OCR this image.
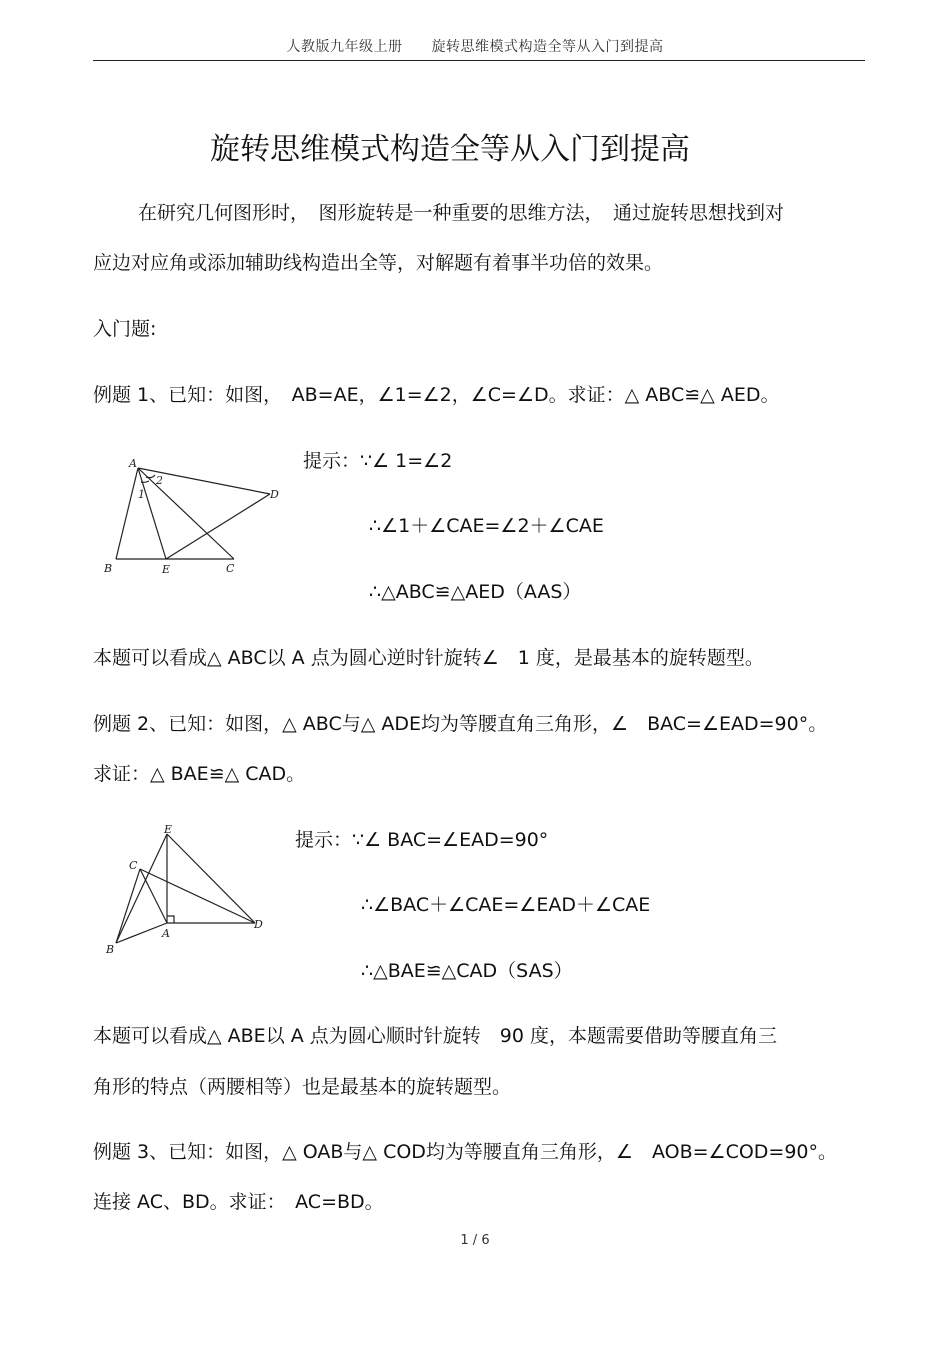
人教版九年级上册　　旋转思维模式构造全等从入门到提高
旋转思维模式构造全等从入门到提高
在研究几何图形时，　图形旋转是一种重要的思维方法，　通过旋转思想找到对
应边对应角或添加辅助线构造出全等，对解题有着事半功倍的效果。
入门题:
例题 1、已知：如图，　AB=AE，∠1=∠2，∠C=∠D。求证：△ ABC≌△ AED。
A
B	E	C
D
1
2
提示：∵∠ 1=∠2
∴∠1＋∠CAE=∠2＋∠CAE
∴△ABC≌△AED（AAS）
本题可以看成△ ABC以 A 点为圆心逆时针旋转∠　1 度，是最基本的旋转题型。
例题 2、已知：如图，△ ABC与△ ADE均为等腰直角三角形，∠　BAC=∠EAD=90°。
求证：△ BAE≌△ CAD。
E
C
A
D
B
提示：∵∠ BAC=∠EAD=90°
∴∠BAC＋∠CAE=∠EAD＋∠CAE
∴△BAE≌△CAD（SAS）
本题可以看成△ ABE以 A 点为圆心顺时针旋转　90 度，本题需要借助等腰直角三
角形的特点（两腰相等）也是最基本的旋转题型。
例题 3、已知：如图，△ OAB与△ COD均为等腰直角三角形，∠　AOB=∠COD=90°。
连接 AC、BD。求证：　AC=BD。
1 / 6
